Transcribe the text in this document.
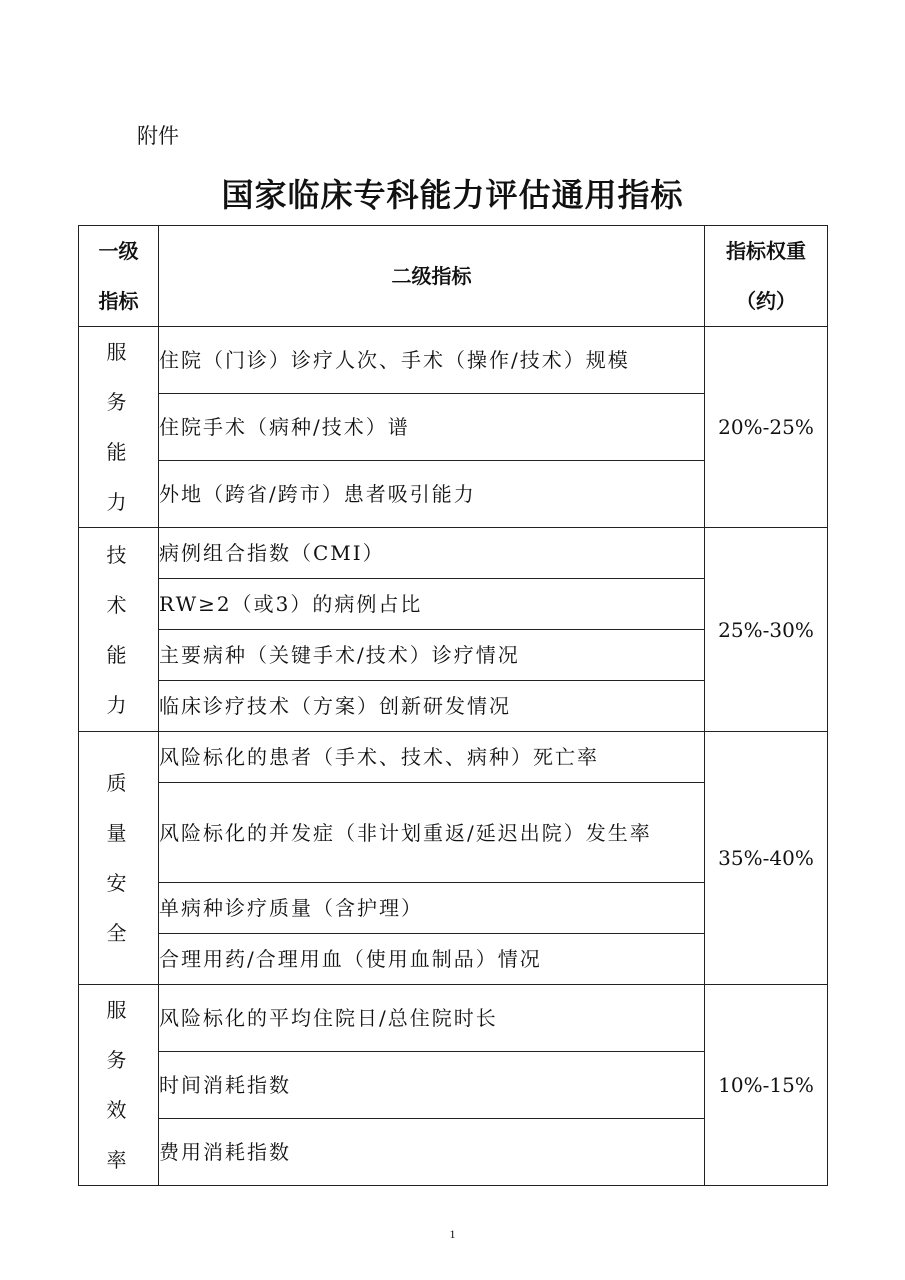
附件
国家临床专科能力评估通用指标
一级指标	二级指标	指标权重（约）

服务能力	住院（门诊）诊疗人次、手术（操作/技术）规模	20%-25%
	住院手术（病种/技术）谱	
	外地（跨省/跨市）患者吸引能力	

技术能力	病例组合指数（CMI）	25%-30%
	RW≥2（或3）的病例占比	
	主要病种（关键手术/技术）诊疗情况	
	临床诊疗技术（方案）创新研发情况	

质量安全	风险标化的患者（手术、技术、病种）死亡率	35%-40%
	风险标化的并发症（非计划重返/延迟出院）发生率	
	单病种诊疗质量（含护理）	
	合理用药/合理用血（使用血制品）情况	

服务效率	风险标化的平均住院日/总住院时长	10%-15%
	时间消耗指数	
	费用消耗指数	
1
